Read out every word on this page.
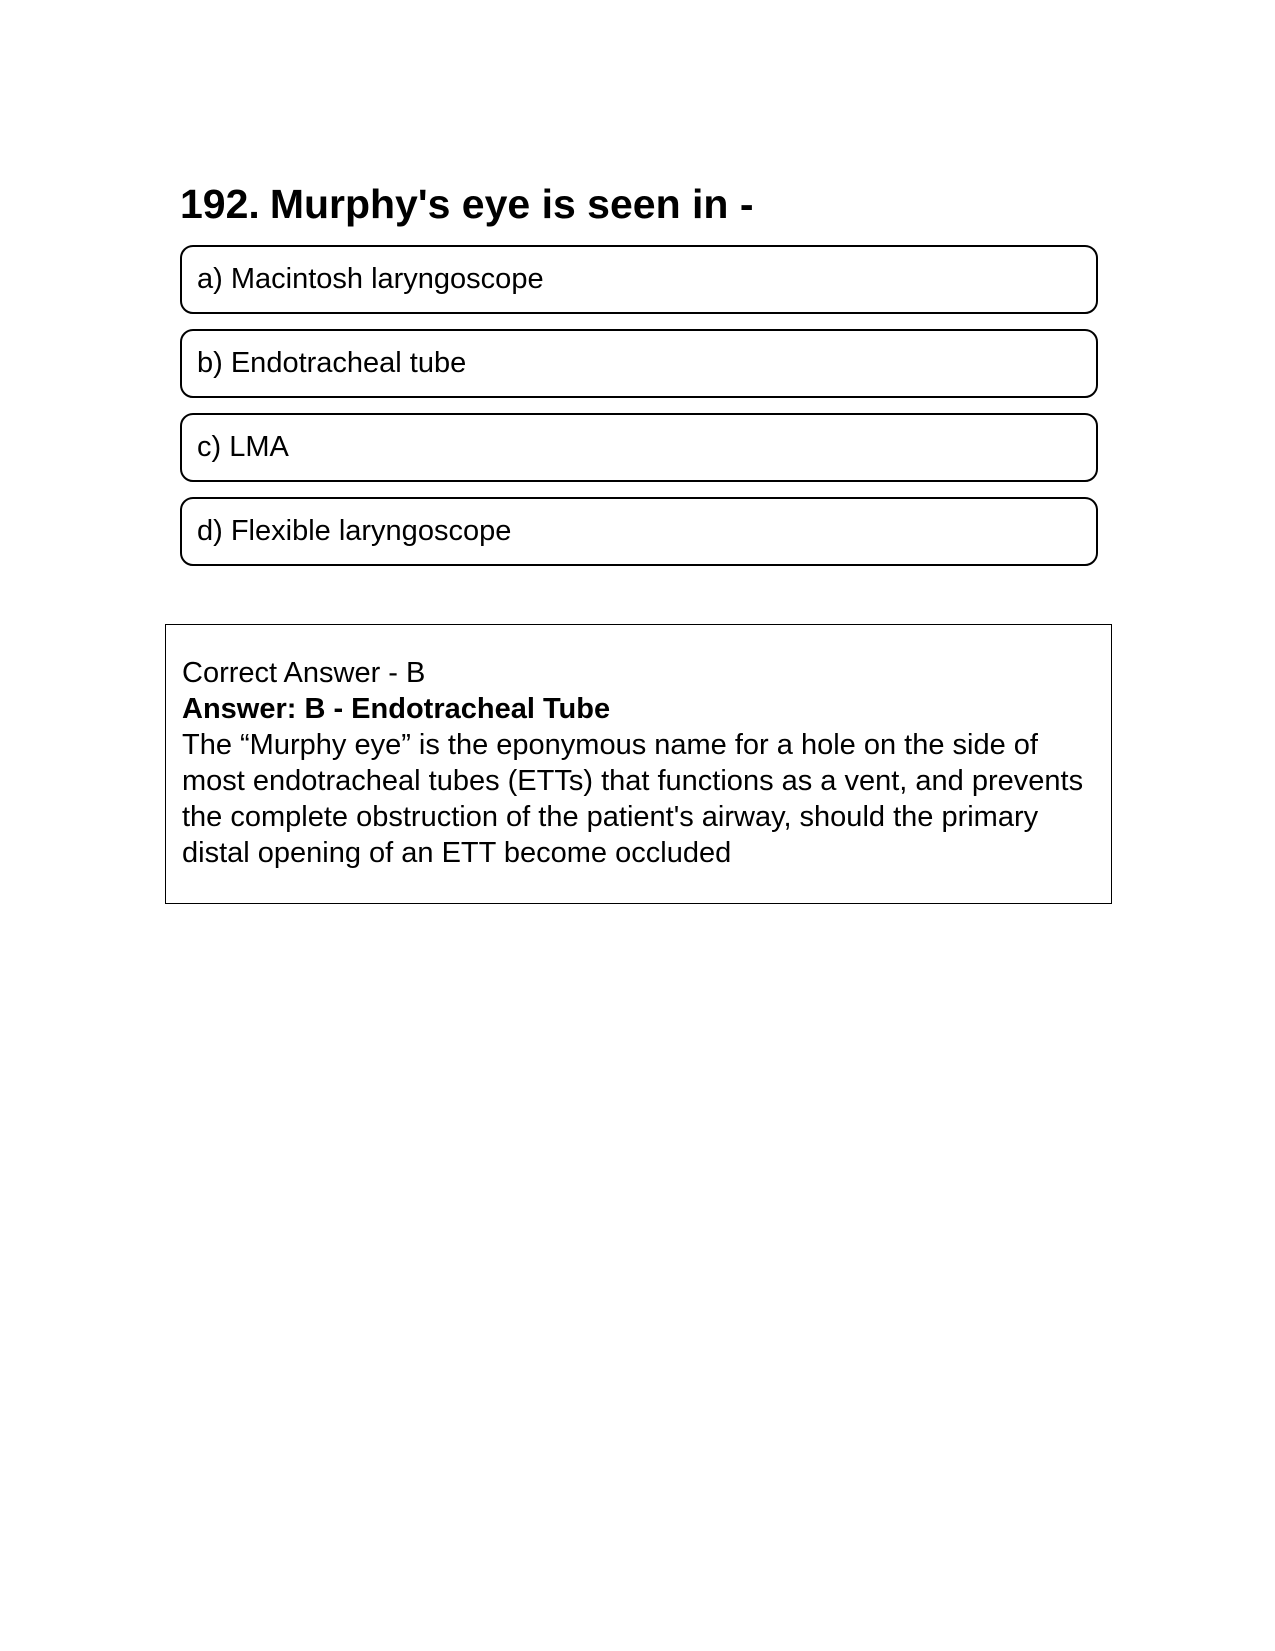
192. Murphy's eye is seen in -
a) Macintosh laryngoscope
b) Endotracheal tube
c) LMA
d) Flexible laryngoscope

Correct Answer - B

Answer: B - Endotracheal Tube

The “Murphy eye” is the eponymous name for a hole on the side of most endotracheal tubes (ETTs) that functions as a vent, and prevents the complete obstruction of the patient's airway, should the primary distal opening of an ETT become occluded
